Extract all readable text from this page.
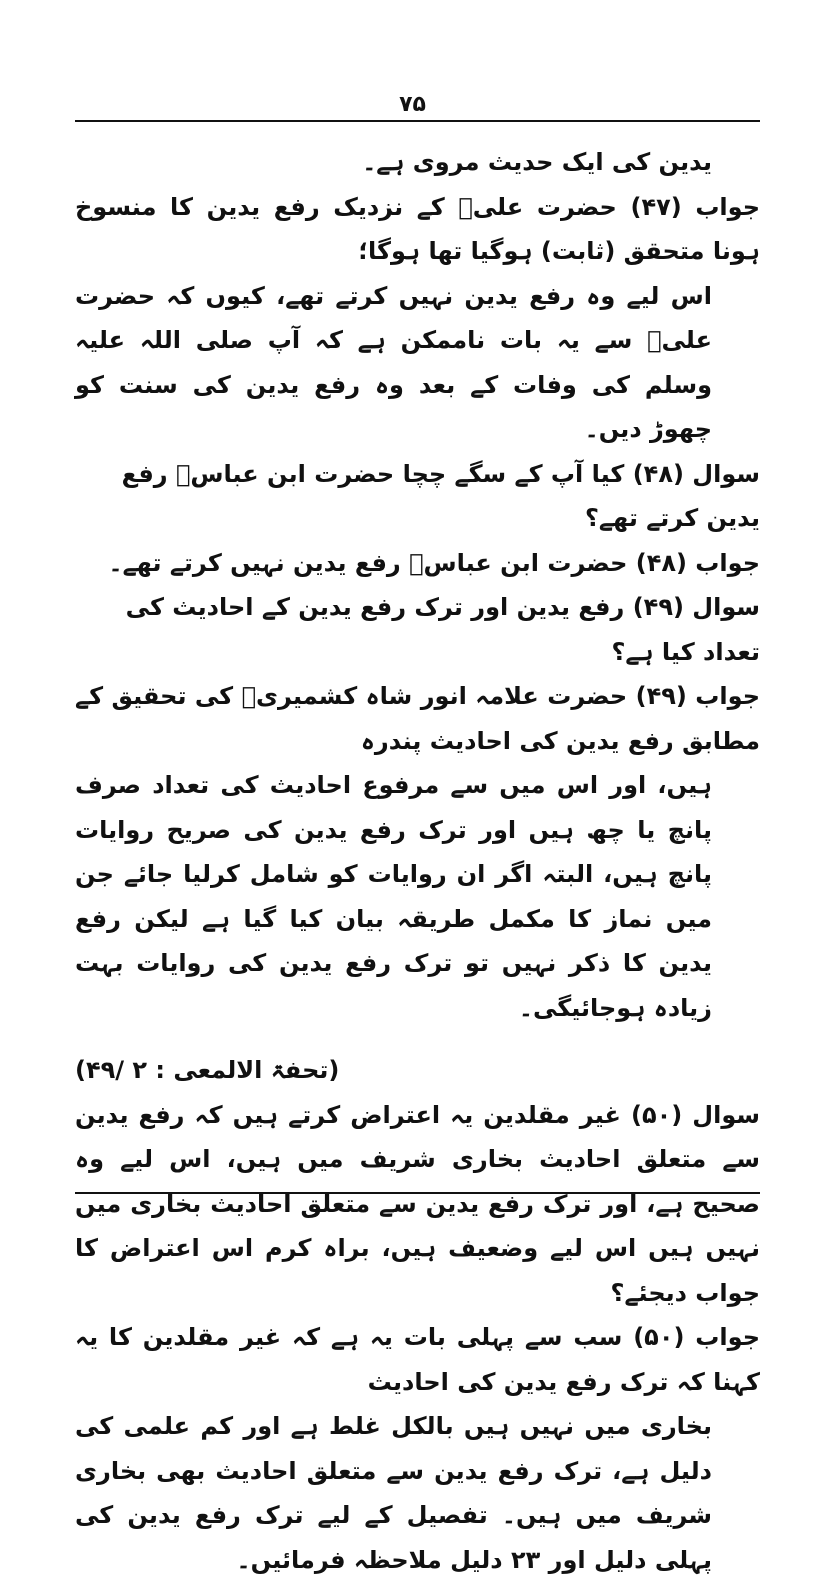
۷۵

یدین کی ایک حدیث مروی ہے۔

جواب (۴۷) حضرت علیؓ کے نزدیک رفع یدین کا منسوخ ہونا متحقق (ثابت) ہوگیا تھا ہوگا؛

اس لیے وہ رفع یدین نہیں کرتے تھے، کیوں کہ حضرت علیؓ سے یہ بات ناممکن ہے کہ آپ صلی اللہ علیہ وسلم کی وفات کے بعد وہ رفع یدین کی سنت کو چھوڑ دیں۔

سوال (۴۸) کیا آپ کے سگے چچا حضرت ابن عباسؓ رفع یدین کرتے تھے؟

جواب (۴۸) حضرت ابن عباسؓ رفع یدین نہیں کرتے تھے۔

سوال (۴۹) رفع یدین اور ترک رفع یدین کے احادیث کی تعداد کیا ہے؟

جواب (۴۹) حضرت علامہ انور شاہ کشمیریؒ کی تحقیق کے مطابق رفع یدین کی احادیث پندرہ

ہیں، اور اس میں سے مرفوع احادیث کی تعداد صرف پانچ یا چھ ہیں اور ترک رفع یدین کی صریح روایات پانچ ہیں، البتہ اگر ان روایات کو شامل کرلیا جائے جن میں نماز کا مکمل طریقہ بیان کیا گیا ہے لیکن رفع یدین کا ذکر نہیں تو ترک رفع یدین کی روایات بہت زیادہ ہوجائیگی۔

(تحفۃ الالمعی : ۲ /۴۹)

سوال (۵۰) غیر مقلدین یہ اعتراض کرتے ہیں کہ رفع یدین سے متعلق احادیث بخاری شریف میں ہیں، اس لیے وہ صحیح ہے، اور ترک رفع یدین سے متعلق احادیث بخاری میں نہیں ہیں اس لیے وضعیف ہیں، براہ کرم اس اعتراض کا جواب دیجئے؟

جواب (۵۰) سب سے پہلی بات یہ ہے کہ غیر مقلدین کا یہ کہنا کہ ترک رفع یدین کی احادیث

بخاری میں نہیں ہیں بالکل غلط ہے اور کم علمی کی دلیل ہے، ترک رفع یدین سے متعلق احادیث بھی بخاری شریف میں ہیں۔ تفصیل کے لیے ترک رفع یدین کی پہلی دلیل اور ۲۳ دلیل ملاحظہ فرمائیں۔
